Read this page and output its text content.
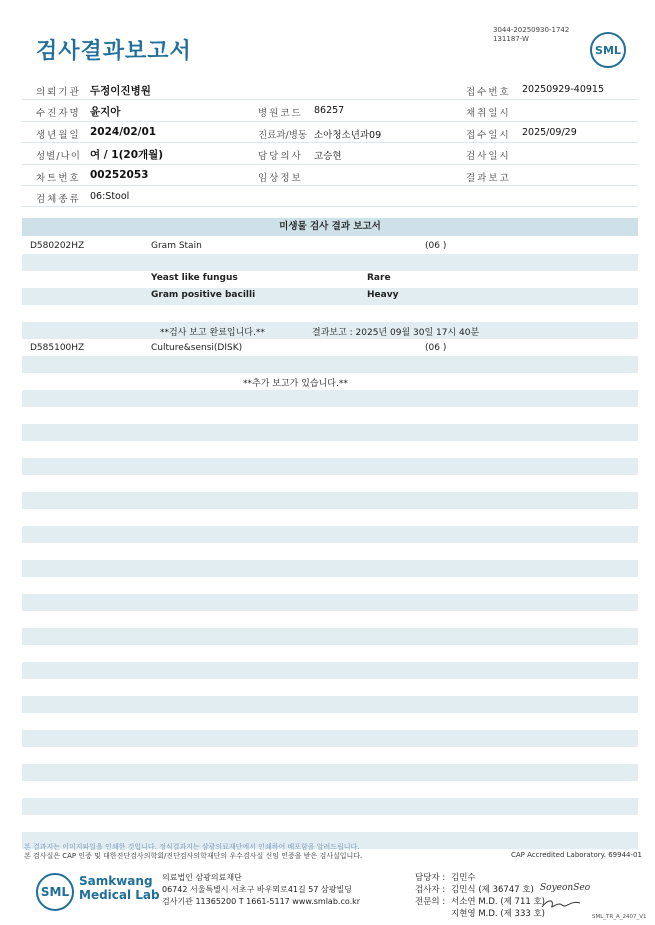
검사결과보고서
3044-20250930-1742
131187-W
SML
의뢰기관 두정이진병원	접수번호 20250929-40915
수진자명 윤지아	병원코드 86257	채취일시
생년월일 2024/02/01	진료과/병동 소아청소년과09	접수일시 2025/09/29
성별/나이 여 / 1(20개월)	담당의사 고승현	검사일시
차트번호 00252053	임상정보	결과보고
검체종류 06:Stool
미생물 검사 결과 보고서
D580202HZ	Gram Stain	(06 )
Yeast like fungus	Rare
Gram positive bacilli	Heavy
**검사 보고 완료입니다.**	결과보고 : 2025년 09월 30일 17시 40분
D585100HZ	Culture&sensi(DISK)	(06 )
**추가 보고가 있습니다.**
본 결과지는 이미지파일을 인쇄한 것입니다. 정식결과지는 삼광의료재단에서 인쇄하여 배포함을 알려드립니다.
본 검사실은 CAP 인증 및 대한진단검사의학회/진단검사의학재단의 우수검사실 신임 인증을 받은 검사실입니다.	CAP Accredited Laboratory. 69944-01
SML
Samkwang
Medical Lab
의료법인 삼광의료재단
06742 서울특별시 서초구 바우뫼로41길 57 삼광빌딩
검사기관 11365200 T 1661-5117 www.smlab.co.kr
담당자 : 김민수
검사자 : 김민식 (제 36747 호)
전문의 : 서소연 M.D. (제 711 호)
지현영 M.D. (제 333 호)
SoyeonSeo
SML_TR_A_2407_V1
